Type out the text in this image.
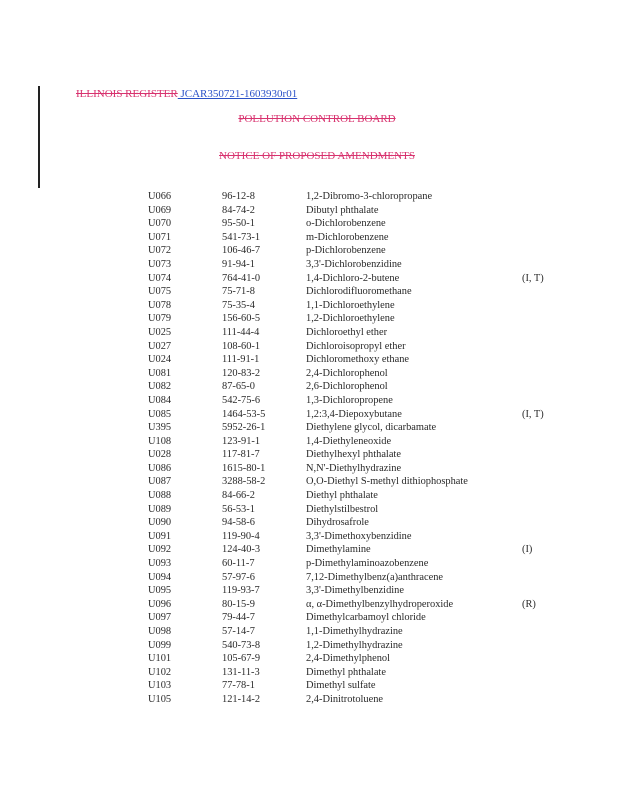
ILLINOIS REGISTER JCAR350721-1603930r01
POLLUTION CONTROL BOARD
NOTICE OF PROPOSED AMENDMENTS
U066	96-12-8	1,2-Dibromo-3-chloropropane
U069	84-74-2	Dibutyl phthalate
U070	95-50-1	o-Dichlorobenzene
U071	541-73-1	m-Dichlorobenzene
U072	106-46-7	p-Dichlorobenzene
U073	91-94-1	3,3'-Dichlorobenzidine
U074	764-41-0	1,4-Dichloro-2-butene	(I, T)
U075	75-71-8	Dichlorodifluoromethane
U078	75-35-4	1,1-Dichloroethylene
U079	156-60-5	1,2-Dichloroethylene
U025	111-44-4	Dichloroethyl ether
U027	108-60-1	Dichloroisopropyl ether
U024	111-91-1	Dichloromethoxy ethane
U081	120-83-2	2,4-Dichlorophenol
U082	87-65-0	2,6-Dichlorophenol
U084	542-75-6	1,3-Dichloropropene
U085	1464-53-5	1,2:3,4-Diepoxybutane	(I, T)
U395	5952-26-1	Diethylene glycol, dicarbamate
U108	123-91-1	1,4-Diethyleneoxide
U028	117-81-7	Diethylhexyl phthalate
U086	1615-80-1	N,N'-Diethylhydrazine
U087	3288-58-2	O,O-Diethyl S-methyl dithiophosphate
U088	84-66-2	Diethyl phthalate
U089	56-53-1	Diethylstilbestrol
U090	94-58-6	Dihydrosafrole
U091	119-90-4	3,3'-Dimethoxybenzidine
U092	124-40-3	Dimethylamine	(I)
U093	60-11-7	p-Dimethylaminoazobenzene
U094	57-97-6	7,12-Dimethylbenz(a)anthracene
U095	119-93-7	3,3'-Dimethylbenzidine
U096	80-15-9	α, α-Dimethylbenzylhydroperoxide	(R)
U097	79-44-7	Dimethylcarbamoyl chloride
U098	57-14-7	1,1-Dimethylhydrazine
U099	540-73-8	1,2-Dimethylhydrazine
U101	105-67-9	2,4-Dimethylphenol
U102	131-11-3	Dimethyl phthalate
U103	77-78-1	Dimethyl sulfate
U105	121-14-2	2,4-Dinitrotoluene
